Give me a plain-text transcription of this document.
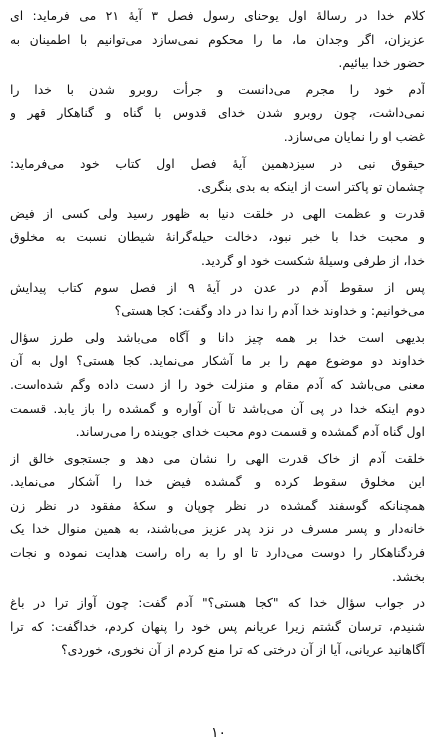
کلام خدا در رسالهٔ اول یوحنای رسول فصل ۳ آیهٔ ۲۱ می فرماید: ای
عزیزان، اگر وجدان ما، ما را محکوم نمی‌سازد می‌توانیم با اطمینان به
حضور خدا بیائیم.
آدم خود را مجرم می‌دانست و جرأت روبرو شدن با خدا را
نمی‌داشت، چون روبرو شدن خدای قدوس با گناه و گناهکار قهر و
غضب او را نمایان می‌سازد.
حیقوق نبی در سیزدهمین آیهٔ فصل اول کتاب خود می‌فرماید:
چشمان تو پاکتر است از اینکه به بدی بنگری.
قدرت و عظمت الهی در خلقت دنیا به ظهور رسید ولی کسی از فیض
و محبت خدا با خبر نبود، دخالت حیله‌گرانهٔ شیطان نسبت به مخلوق
خدا، از طرفی وسیلهٔ شکست خود او گردید.
پس از سقوط آدم در عدن در آیهٔ ۹ از فصل سوم کتاب پیدایش
می‌خوانیم: و خداوند خدا آدم را ندا در داد وگفت: کجا هستی؟
بدیهی است خدا بر همه چیز دانا و آگاه می‌باشد ولی طرز سؤال
خداوند دو موضوع مهم را بر ما آشکار می‌نماید. کجا هستی؟ اول به آن
معنی می‌باشد که آدم مقام و منزلت خود را از دست داده وگم شده‌است.
دوم اینکه خدا در پی آن می‌باشد تا آن آواره و گمشده را باز یابد. قسمت
اول گناه آدم گمشده و قسمت دوم محبت خدای جوینده را می‌رساند.
خلقت آدم از خاک قدرت الهی را نشان می دهد و جستجوی خالق از
این مخلوق سقوط کرده و گمشده فیض خدا را آشکار می‌نماید.
همچنانکه گوسفند گمشده در نظر چوپان و سکهٔ مفقود در نظر زن
خانه‌دار و پسر مسرف در نزد پدر عزیز می‌باشند، به همین منوال خدا یک
فردگناهکار را دوست می‌دارد تا او را به راه راست هدایت نموده و نجات
بخشد.
در جواب سؤال خدا که "کجا هستی؟" آدم گفت: چون آواز ترا در باغ
شنیدم، ترسان گشتم زیرا عریانم پس خود را پنهان کردم، خداگفت: که ترا
آگاهانید عریانی، آیا از آن درختی که ترا منع کردم از آن نخوری، خوردی؟
۱۰
